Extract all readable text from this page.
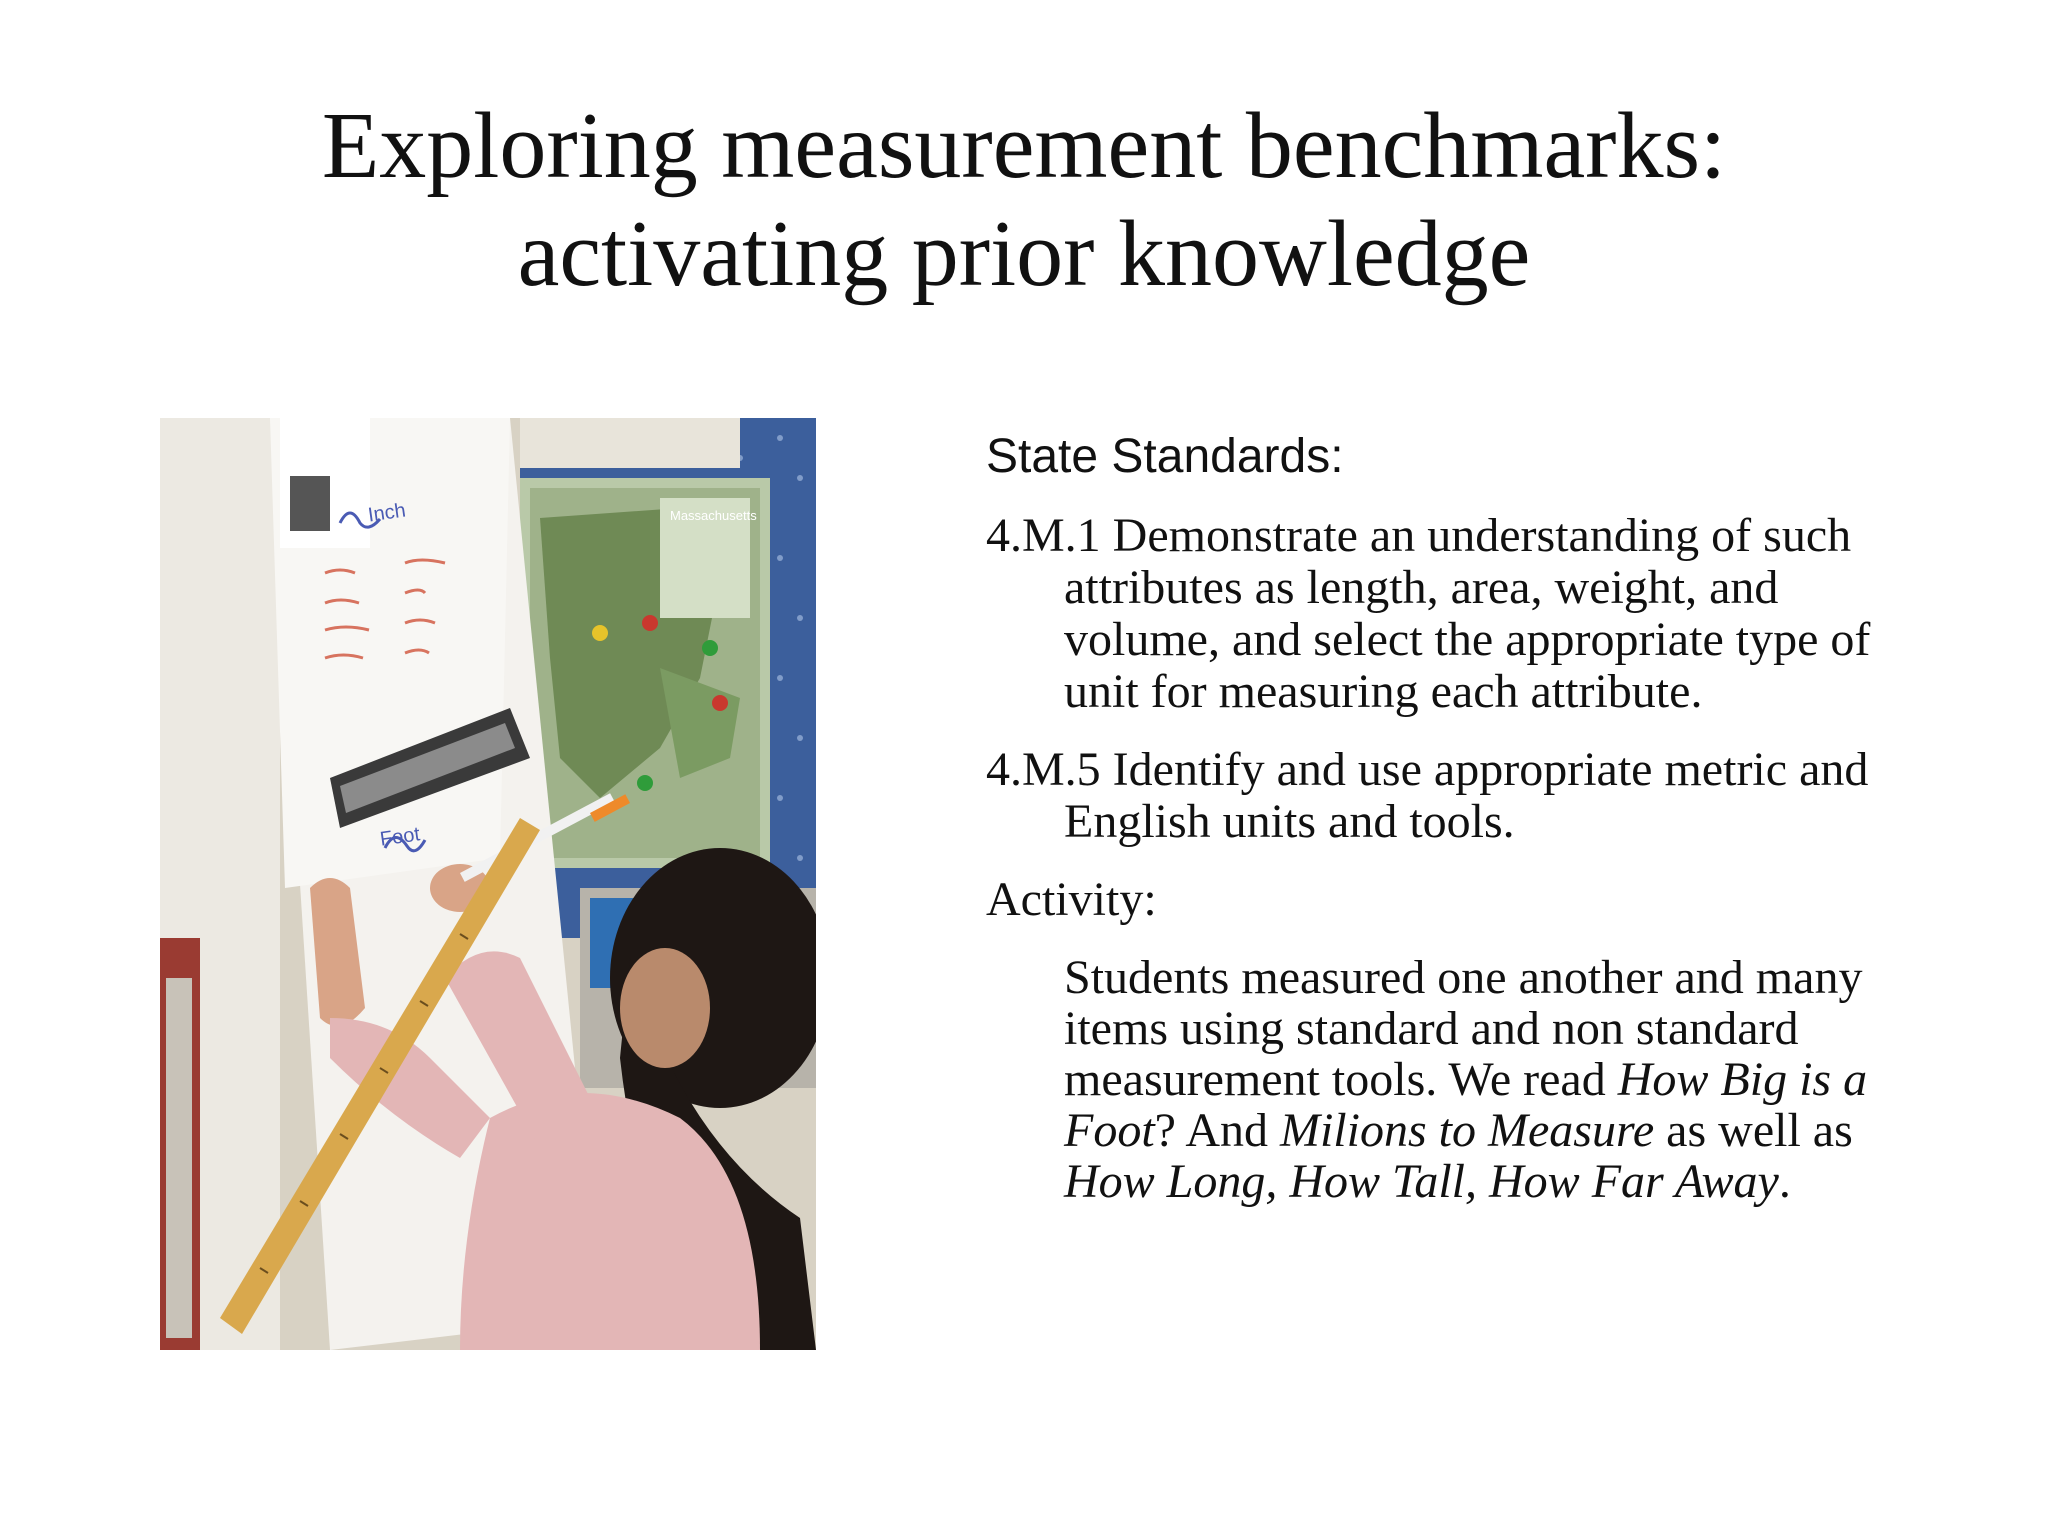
Exploring measurement benchmarks:
activating prior knowledge

State Standards:

4.M.1 Demonstrate an understanding of such attributes as length, area, weight, and volume, and select the appropriate type of unit for measuring each attribute.

4.M.5 Identify and use appropriate metric and English units and tools.

Activity:

Students measured one another and many items using standard and non standard measurement tools. We read How Big is a Foot? And Milions to Measure as well as How Long, How Tall, How Far Away.

Inch
Foot
Massachusetts
